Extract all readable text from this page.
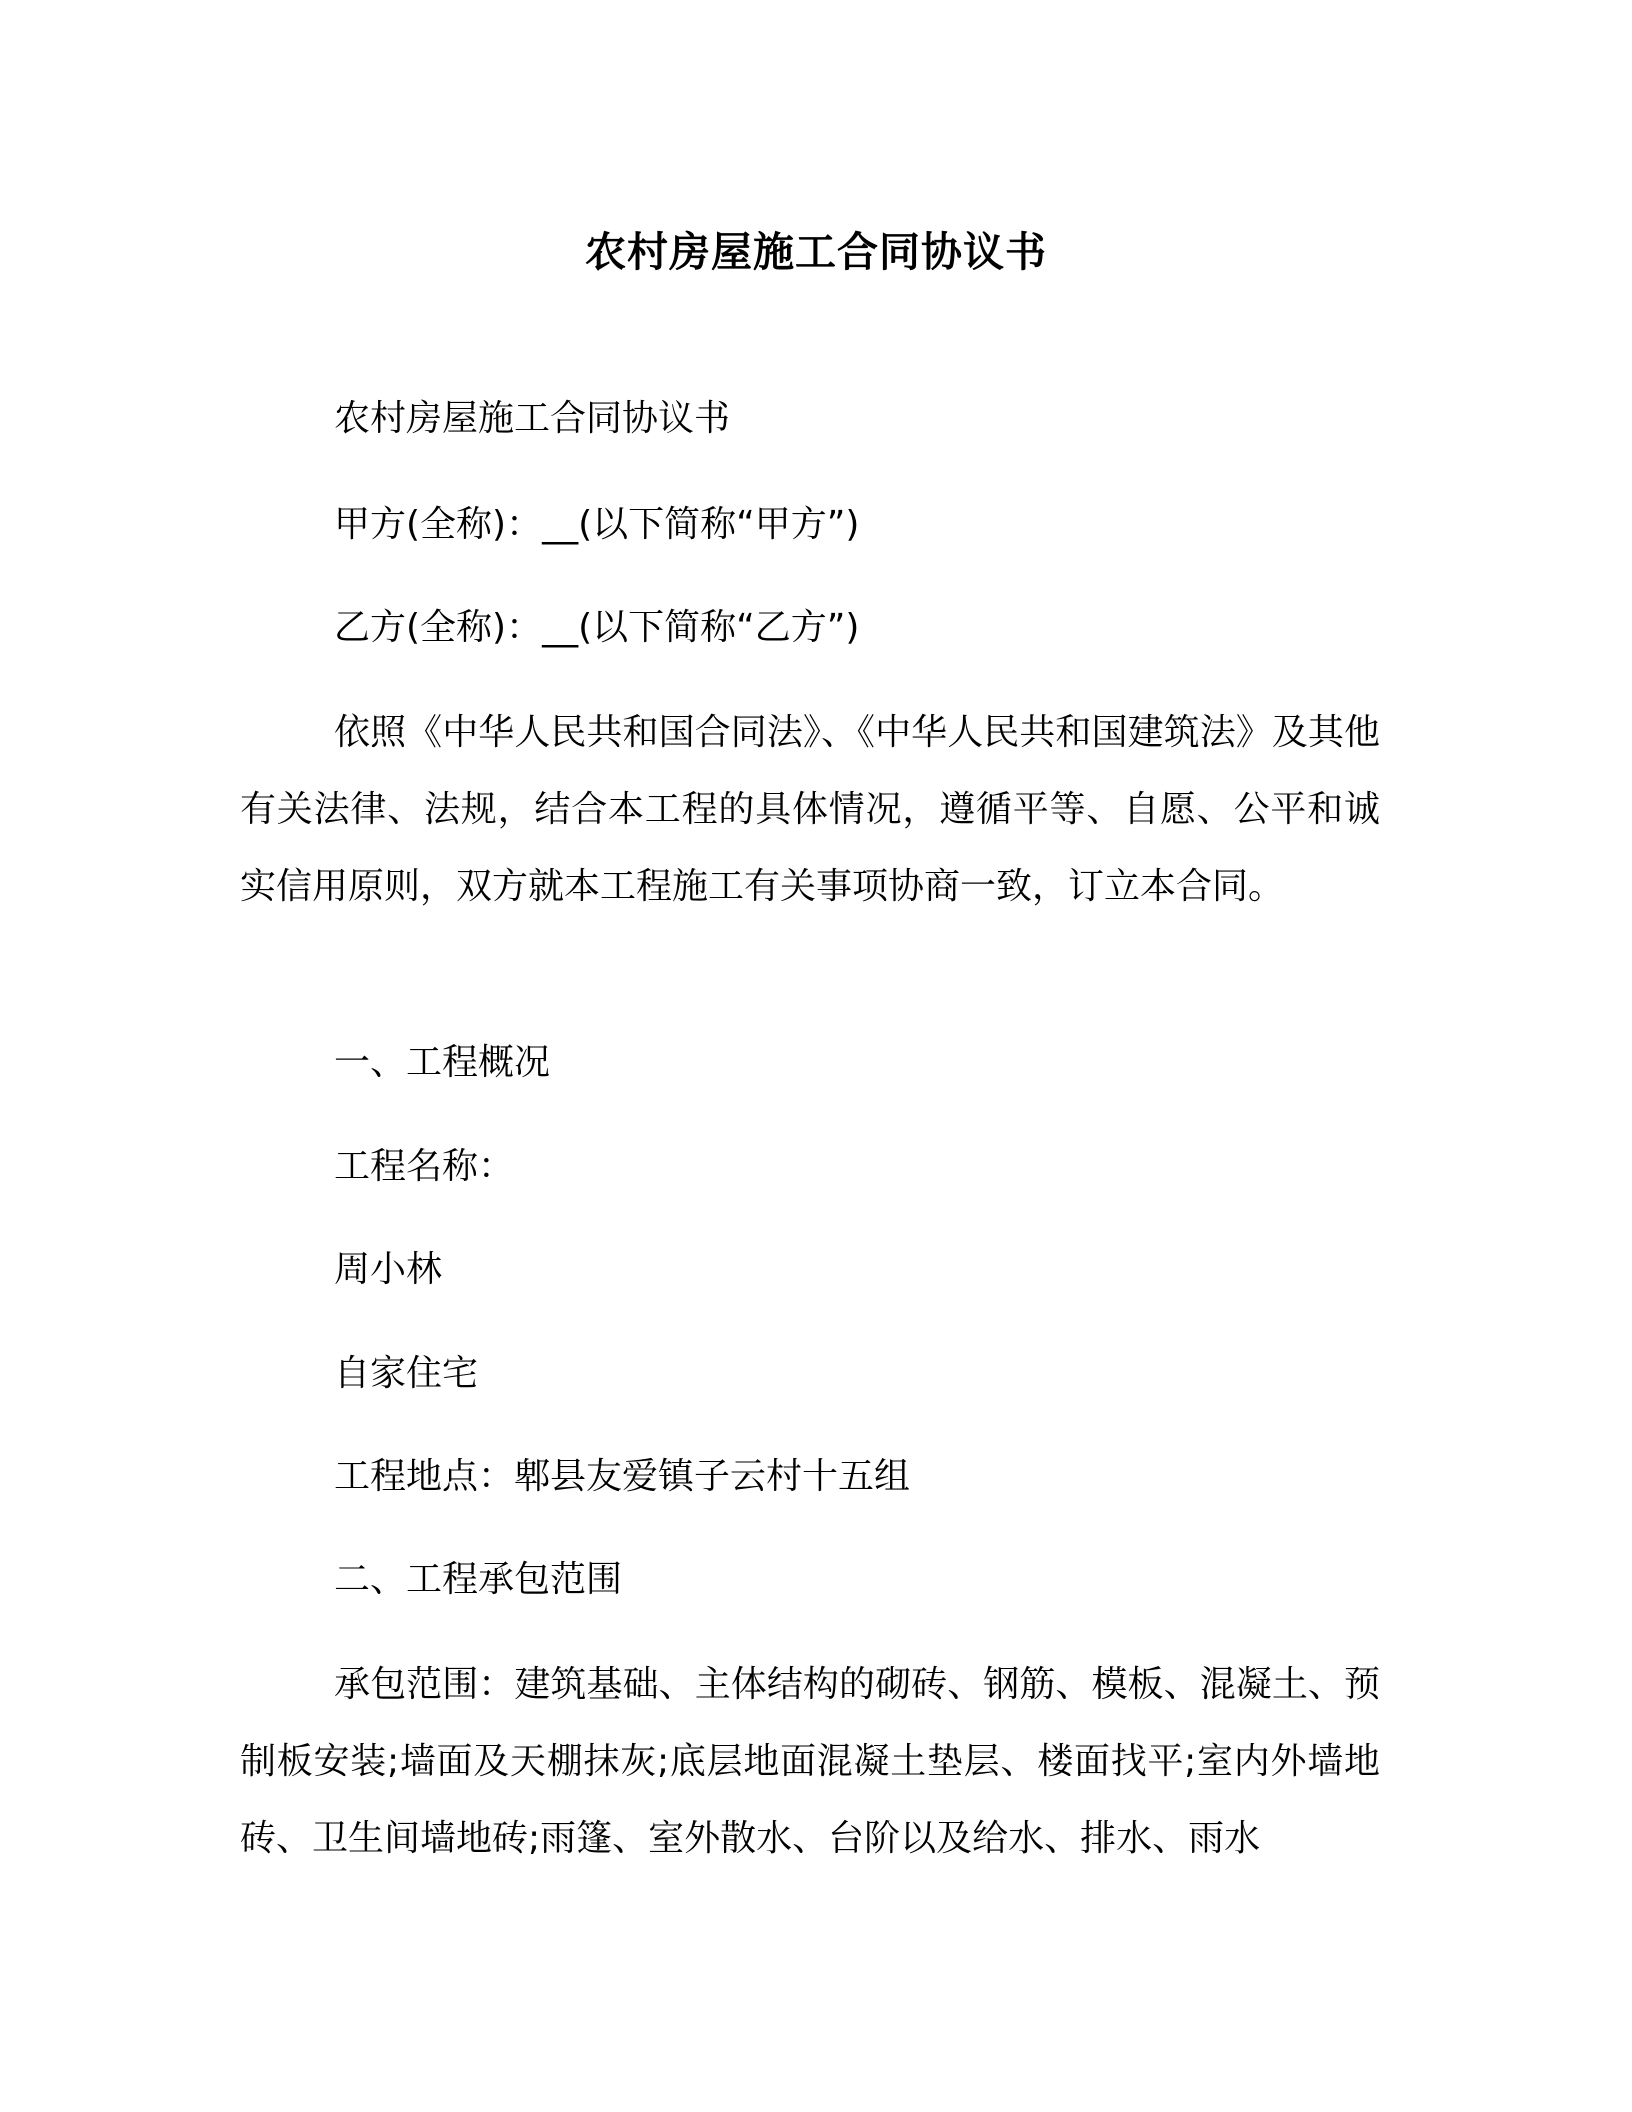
农村房屋施工合同协议书
农村房屋施工合同协议书
甲方(全称)：__(以下简称“甲方”)
乙方(全称)：__(以下简称“乙方”)
依照《中华人民共和国合同法》、《中华人民共和国建筑法》及其他有关法律、法规，结合本工程的具体情况，遵循平等、自愿、公平和诚实信用原则，双方就本工程施工有关事项协商一致，订立本合同。
一、工程概况
工程名称：
周小林
自家住宅
工程地点：郫县友爱镇子云村十五组
二、工程承包范围
承包范围：建筑基础、主体结构的砌砖、钢筋、模板、混凝土、预制板安装;墙面及天棚抹灰;底层地面混凝土垫层、楼面找平;室内外墙地砖、卫生间墙地砖;雨篷、室外散水、台阶以及给水、排水、雨水
